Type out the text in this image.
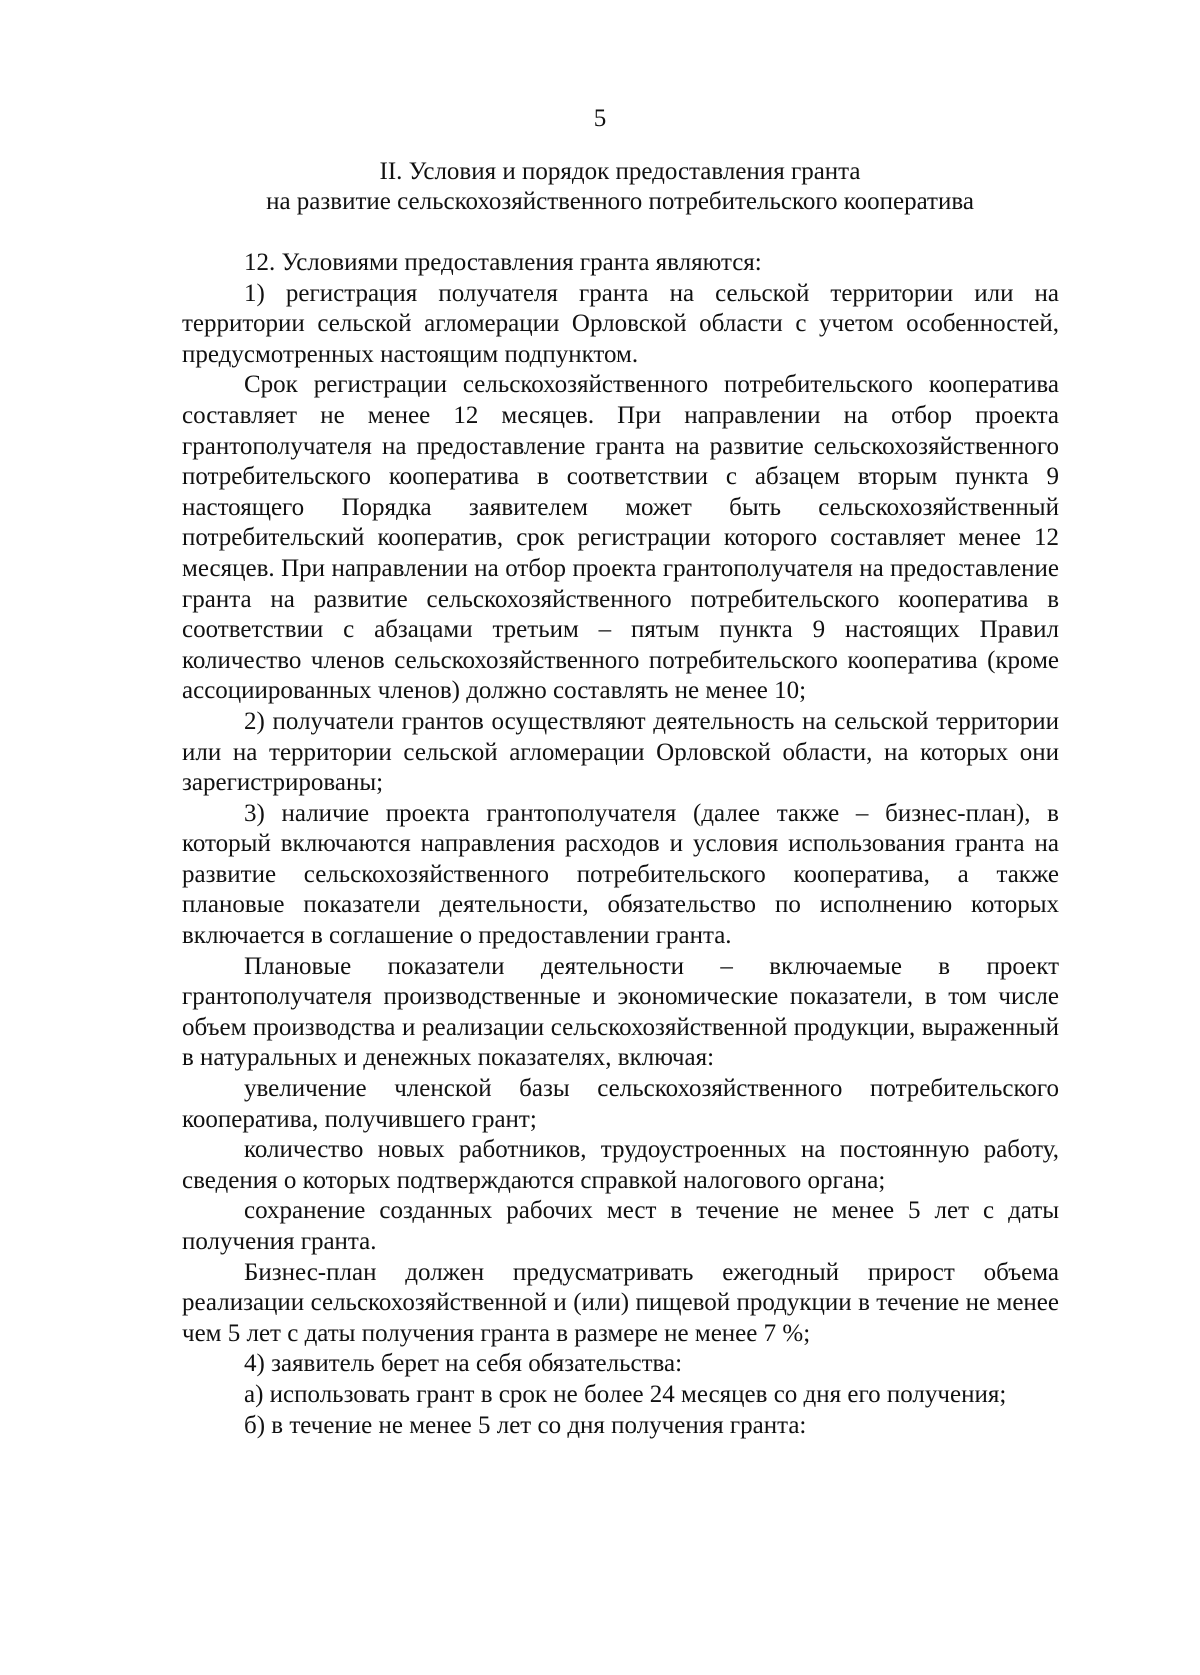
5
II. Условия и порядок предоставления гранта
на развитие сельскохозяйственного потребительского кооператива

12. Условиями предоставления гранта являются:

1) регистрация получателя гранта на сельской территории или на территории сельской агломерации Орловской области с учетом особенностей, предусмотренных настоящим подпунктом.

Срок регистрации сельскохозяйственного потребительского кооператива составляет не менее 12 месяцев. При направлении на отбор проекта грантополучателя на предоставление гранта на развитие сельскохозяйственного потребительского кооператива в соответствии с абзацем вторым пункта 9 настоящего Порядка заявителем может быть сельскохозяйственный потребительский кооператив, срок регистрации которого составляет менее 12 месяцев. При направлении на отбор проекта грантополучателя на предоставление гранта на развитие сельскохозяйственного потребительского кооператива в соответствии с абзацами третьим – пятым пункта 9 настоящих Правил количество членов сельскохозяйственного потребительского кооператива (кроме ассоциированных членов) должно составлять не менее 10;

2) получатели грантов осуществляют деятельность на сельской территории или на территории сельской агломерации Орловской области, на которых они зарегистрированы;

3) наличие проекта грантополучателя (далее также – бизнес-план), в который включаются направления расходов и условия использования гранта на развитие сельскохозяйственного потребительского кооператива, а также плановые показатели деятельности, обязательство по исполнению которых включается в соглашение о предоставлении гранта.

Плановые показатели деятельности – включаемые в проект грантополучателя производственные и экономические показатели, в том числе объем производства и реализации сельскохозяйственной продукции, выраженный в натуральных и денежных показателях, включая:

увеличение членской базы сельскохозяйственного потребительского кооператива, получившего грант;

количество новых работников, трудоустроенных на постоянную работу, сведения о которых подтверждаются справкой налогового органа;

сохранение созданных рабочих мест в течение не менее 5 лет с даты получения гранта.

Бизнес-план должен предусматривать ежегодный прирост объема реализации сельскохозяйственной и (или) пищевой продукции в течение не менее чем 5 лет с даты получения гранта в размере не менее 7 %;

4) заявитель берет на себя обязательства:

а) использовать грант в срок не более 24 месяцев со дня его получения;

б) в течение не менее 5 лет со дня получения гранта:
